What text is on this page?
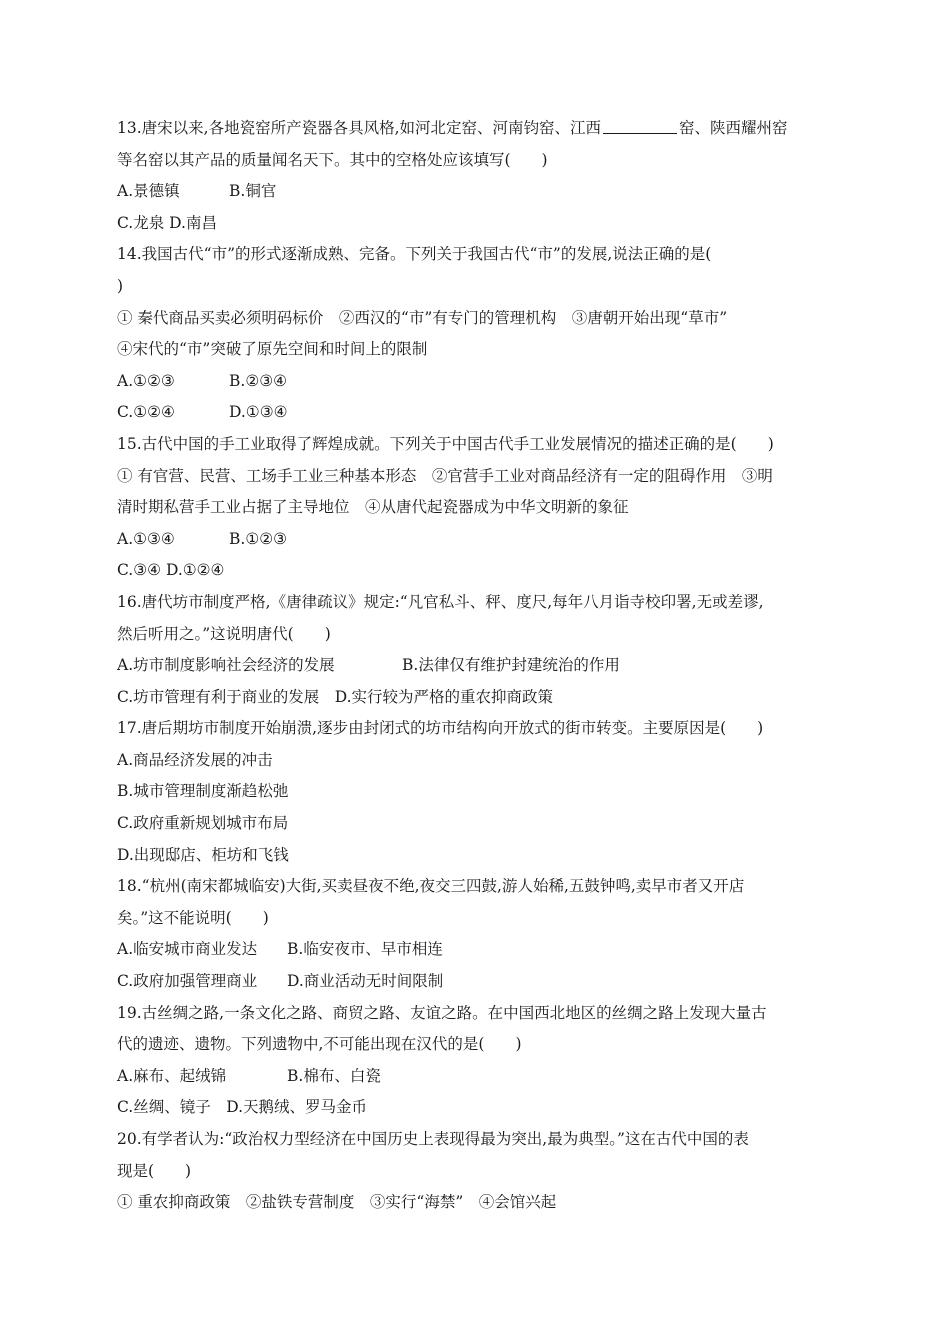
13.唐宋以来,各地瓷窑所产瓷器各具风格,如河北定窑、河南钧窑、江西	窑、陕西耀州窑
等名窑以其产品的质量闻名天下。其中的空格处应该填写(　　)
A.景德镇	B.铜官
C.龙泉 D.南昌
14.我国古代“市”的形式逐渐成熟、完备。下列关于我国古代“市”的发展,说法正确的是(
)
① 秦代商品买卖必须明码标价　②西汉的“市”有专门的管理机构　③唐朝开始出现“草市”
④宋代的“市”突破了原先空间和时间上的限制
A.①②③	B.②③④
C.①②④	D.①③④
15.古代中国的手工业取得了辉煌成就。下列关于中国古代手工业发展情况的描述正确的是(　　)
① 有官营、民营、工场手工业三种基本形态　②官营手工业对商品经济有一定的阻碍作用　③明
清时期私营手工业占据了主导地位　④从唐代起瓷器成为中华文明新的象征
A.①③④	B.①②③
C.③④ D.①②④
16.唐代坊市制度严格,《唐律疏议》规定:“凡官私斗、秤、度尺,每年八月诣寺校印署,无或差谬,
然后听用之。”这说明唐代(　　)
A.坊市制度影响社会经济的发展	B.法律仅有维护封建统治的作用
C.坊市管理有利于商业的发展　D.实行较为严格的重农抑商政策
17.唐后期坊市制度开始崩溃,逐步由封闭式的坊市结构向开放式的街市转变。主要原因是(　　)
A.商品经济发展的冲击
B.城市管理制度渐趋松弛
C.政府重新规划城市布局
D.出现邸店、柜坊和飞钱
18.“杭州(南宋都城临安)大街,买卖昼夜不绝,夜交三四鼓,游人始稀,五鼓钟鸣,卖早市者又开店
矣。”这不能说明(　　)
A.临安城市商业发达 B.临安夜市、早市相连
C.政府加强管理商业 D.商业活动无时间限制
19.古丝绸之路,一条文化之路、商贸之路、友谊之路。在中国西北地区的丝绸之路上发现大量古
代的遗迹、遗物。下列遗物中,不可能出现在汉代的是(　　)
A.麻布、起绒锦	B.棉布、白瓷
C.丝绸、镜子　D.天鹅绒、罗马金币
20.有学者认为:“政治权力型经济在中国历史上表现得最为突出,最为典型。”这在古代中国的表
现是(　　)
① 重农抑商政策　②盐铁专营制度　③实行“海禁”　④会馆兴起
